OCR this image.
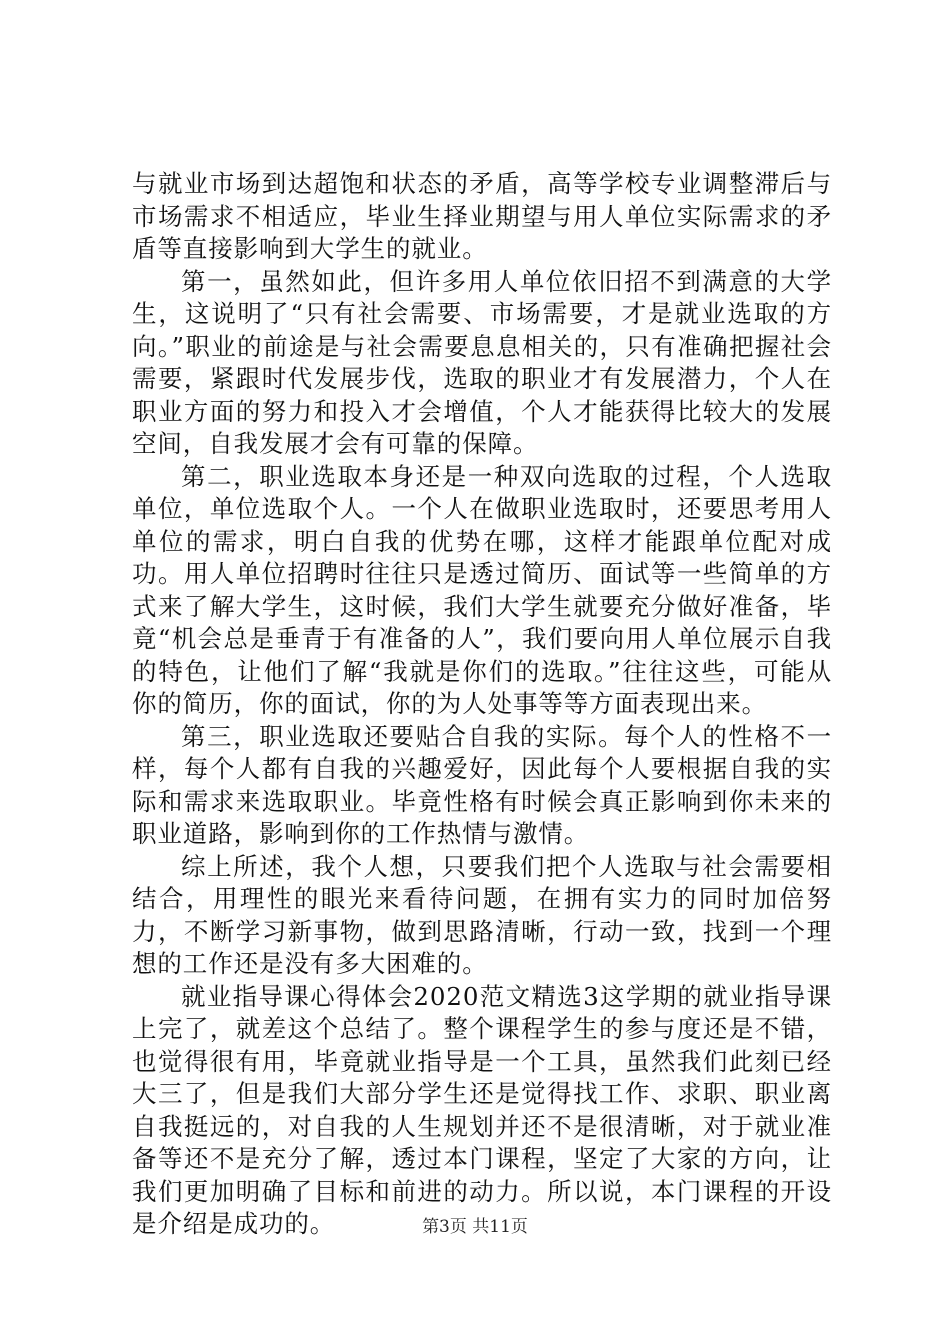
与就业市场到达超饱和状态的矛盾，高等学校专业调整滞后与市场需求不相适应，毕业生择业期望与用人单位实际需求的矛盾等直接影响到大学生的就业。

第一，虽然如此，但许多用人单位依旧招不到满意的大学生，这说明了“只有社会需要、市场需要，才是就业选取的方向。”职业的前途是与社会需要息息相关的，只有准确把握社会需要，紧跟时代发展步伐，选取的职业才有发展潜力，个人在职业方面的努力和投入才会增值，个人才能获得比较大的发展空间，自我发展才会有可靠的保障。

第二，职业选取本身还是一种双向选取的过程，个人选取单位，单位选取个人。一个人在做职业选取时，还要思考用人单位的需求，明白自我的优势在哪，这样才能跟单位配对成功。用人单位招聘时往往只是透过简历、面试等一些简单的方式来了解大学生，这时候，我们大学生就要充分做好准备，毕竟“机会总是垂青于有准备的人”，我们要向用人单位展示自我的特色，让他们了解“我就是你们的选取。”往往这些，可能从你的简历，你的面试，你的为人处事等等方面表现出来。

第三，职业选取还要贴合自我的实际。每个人的性格不一样，每个人都有自我的兴趣爱好，因此每个人要根据自我的实际和需求来选取职业。毕竟性格有时候会真正影响到你未来的职业道路，影响到你的工作热情与激情。

综上所述，我个人想，只要我们把个人选取与社会需要相结合，用理性的眼光来看待问题，在拥有实力的同时加倍努力，不断学习新事物，做到思路清晰，行动一致，找到一个理想的工作还是没有多大困难的。

就业指导课心得体会2020范文精选3这学期的就业指导课上完了，就差这个总结了。整个课程学生的参与度还是不错，也觉得很有用，毕竟就业指导是一个工具，虽然我们此刻已经大三了，但是我们大部分学生还是觉得找工作、求职、职业离自我挺远的，对自我的人生规划并还不是很清晰，对于就业准备等还不是充分了解，透过本门课程，坚定了大家的方向，让我们更加明确了目标和前进的动力。所以说，本门课程的开设是介绍是成功的。	第3页 共11页
